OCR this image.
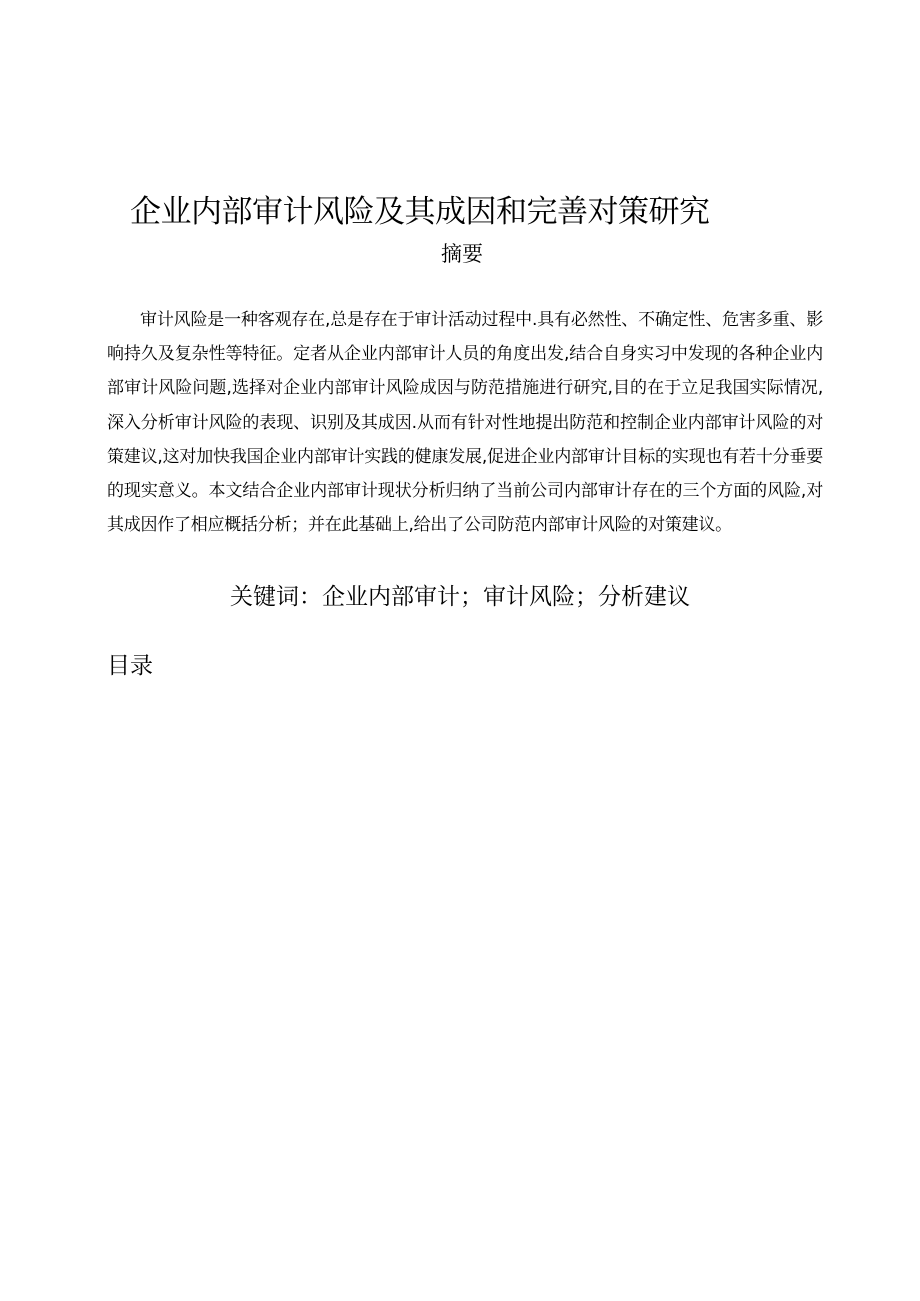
企业内部审计风险及其成因和完善对策研究
摘要

审计风险是一种客观存在,总是存在于审计活动过程中.具有必然性、不确定性、危害多重、影响持久及复杂性等特征。定者从企业内部审计人员的角度出发,结合自身实习中发现的各种企业内部审计风险问题,选择对企业内部审计风险成因与防范措施进行研究,目的在于立足我国实际情况,深入分析审计风险的表现、识别及其成因.从而有针对性地提出防范和控制企业内部审计风险的对策建议,这对加快我国企业内部审计实践的健康发展,促进企业内部审计目标的实现也有若十分垂要的现实意义。本文结合企业内部审计现状分析归纳了当前公司内部审计存在的三个方面的风险,对其成因作了相应概括分析；并在此基础上,给出了公司防范内部审计风险的对策建议。

关键词：企业内部审计；审计风险；分析建议

目录
